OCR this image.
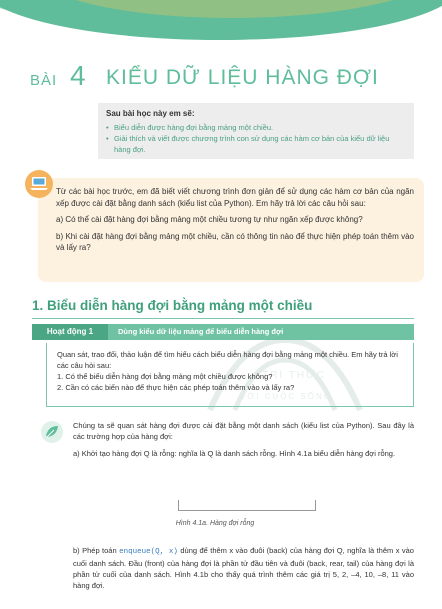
BÀI 4 KIỂU DỮ LIỆU HÀNG ĐỢI
Sau bài học này em sẽ:
• Biểu diễn được hàng đợi bằng mảng một chiều.
• Giải thích và viết được chương trình con sử dụng các hàm cơ bản của kiểu dữ liệu hàng đợi.

Từ các bài học trước, em đã biết viết chương trình đơn giản để sử dụng các hàm cơ bản của ngăn xếp được cài đặt bằng danh sách (kiểu list của Python). Em hãy trả lời các câu hỏi sau:

a) Có thể cài đặt hàng đợi bằng mảng một chiều tương tự như ngăn xếp được không?

b) Khi cài đặt hàng đợi bằng mảng một chiều, cần có thông tin nào để thực hiện phép toán thêm vào và lấy ra?

TRI THỨC
VỚI CUỘC SỐNG
1. Biểu diễn hàng đợi bằng mảng một chiều
Hoạt động 1	Dùng kiểu dữ liệu mảng để biểu diễn hàng đợi

Quan sát, trao đổi, thảo luận để tìm hiểu cách biểu diễn hàng đợi bằng mảng một chiều. Em hãy trả lời các câu hỏi sau:

1. Có thể biểu diễn hàng đợi bằng mảng một chiều được không?

2. Cần có các biến nào để thực hiện các phép toán thêm vào và lấy ra?

Chúng ta sẽ quan sát hàng đợi được cài đặt bằng một danh sách (kiểu list của Python). Sau đây là các trường hợp của hàng đợi:
a) Khởi tạo hàng đợi Q là rỗng: nghĩa là Q là danh sách rỗng. Hình 4.1a biểu diễn hàng đợi rỗng.
Hình 4.1a. Hàng đợi rỗng
b) Phép toán enqueue(Q, x) dùng để thêm x vào đuôi (back) của hàng đợi Q, nghĩa là thêm x vào cuối danh sách. Đầu (front) của hàng đợi là phần tử đầu tiên và đuôi (back, rear, tail) của hàng đợi là phần tử cuối của danh sách. Hình 4.1b cho thấy quá trình thêm các giá trị 5, 2, –4, 10, –8, 11 vào hàng đợi.
